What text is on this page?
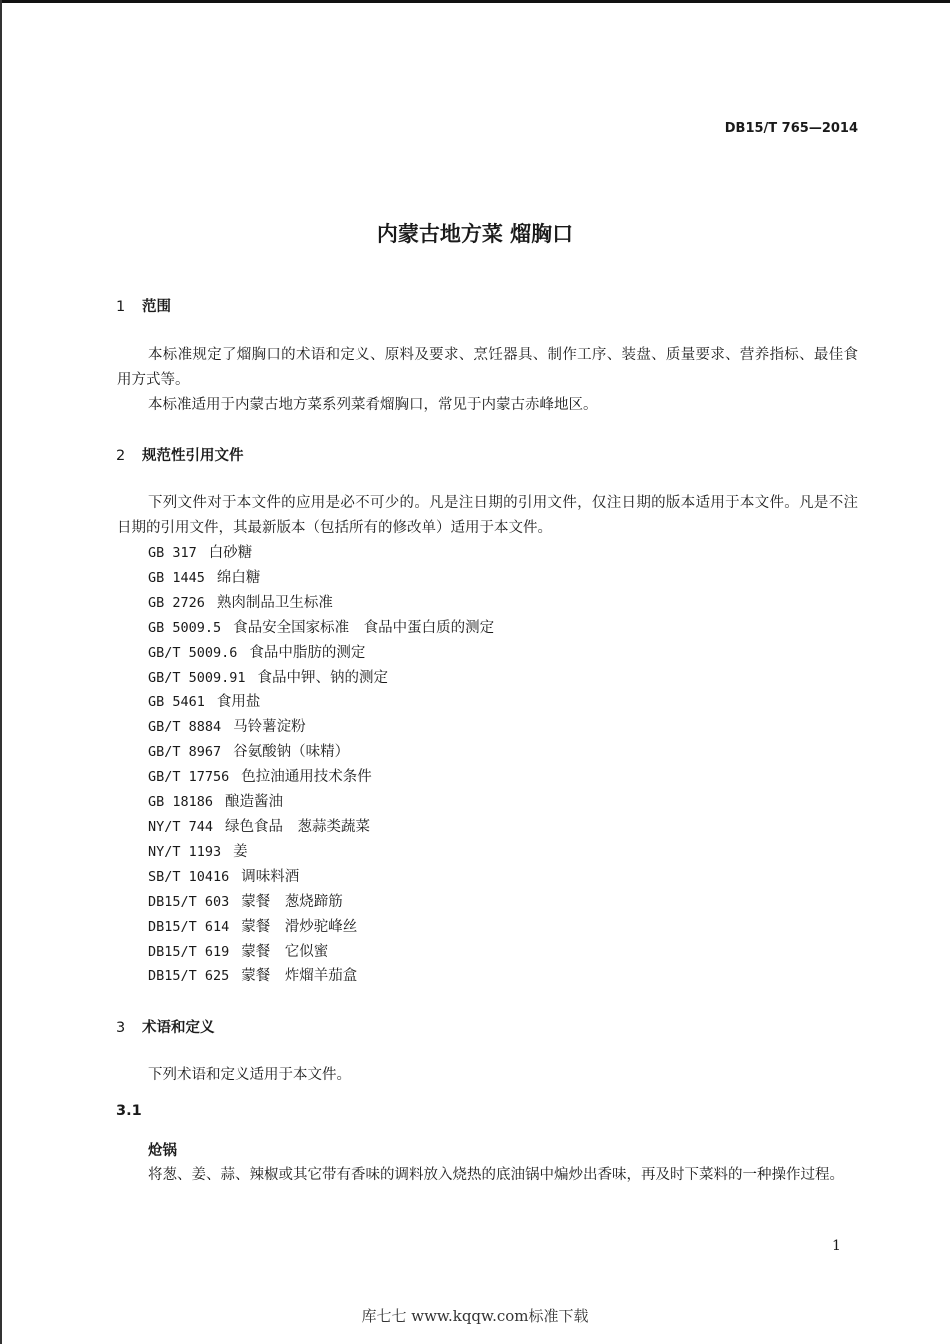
DB15/T 765—2014
内蒙古地方菜 熘胸口
1 范围

本标准规定了熘胸口的术语和定义、原料及要求、烹饪器具、制作工序、装盘、质量要求、营养指标、最佳食用方式等。

本标准适用于内蒙古地方菜系列菜肴熘胸口，常见于内蒙古赤峰地区。

2 规范性引用文件

下列文件对于本文件的应用是必不可少的。凡是注日期的引用文件，仅注日期的版本适用于本文件。凡是不注日期的引用文件，其最新版本（包括所有的修改单）适用于本文件。

GB 317 白砂糖
GB 1445 绵白糖
GB 2726 熟肉制品卫生标准
GB 5009.5 食品安全国家标准　食品中蛋白质的测定
GB/T 5009.6 食品中脂肪的测定
GB/T 5009.91 食品中钾、钠的测定
GB 5461 食用盐
GB/T 8884 马铃薯淀粉
GB/T 8967 谷氨酸钠（味精）
GB/T 17756 色拉油通用技术条件
GB 18186 酿造酱油
NY/T 744 绿色食品　葱蒜类蔬菜
NY/T 1193 姜
SB/T 10416 调味料酒
DB15/T 603 蒙餐　葱烧蹄筋
DB15/T 614 蒙餐　滑炒驼峰丝
DB15/T 619 蒙餐　它似蜜
DB15/T 625 蒙餐　炸熘羊茄盒
3 术语和定义

下列术语和定义适用于本文件。

3.1
炝锅

将葱、姜、蒜、辣椒或其它带有香味的调料放入烧热的底油锅中煸炒出香味，再及时下菜料的一种操作过程。

1
库七七 www.kqqw.com标准下载
